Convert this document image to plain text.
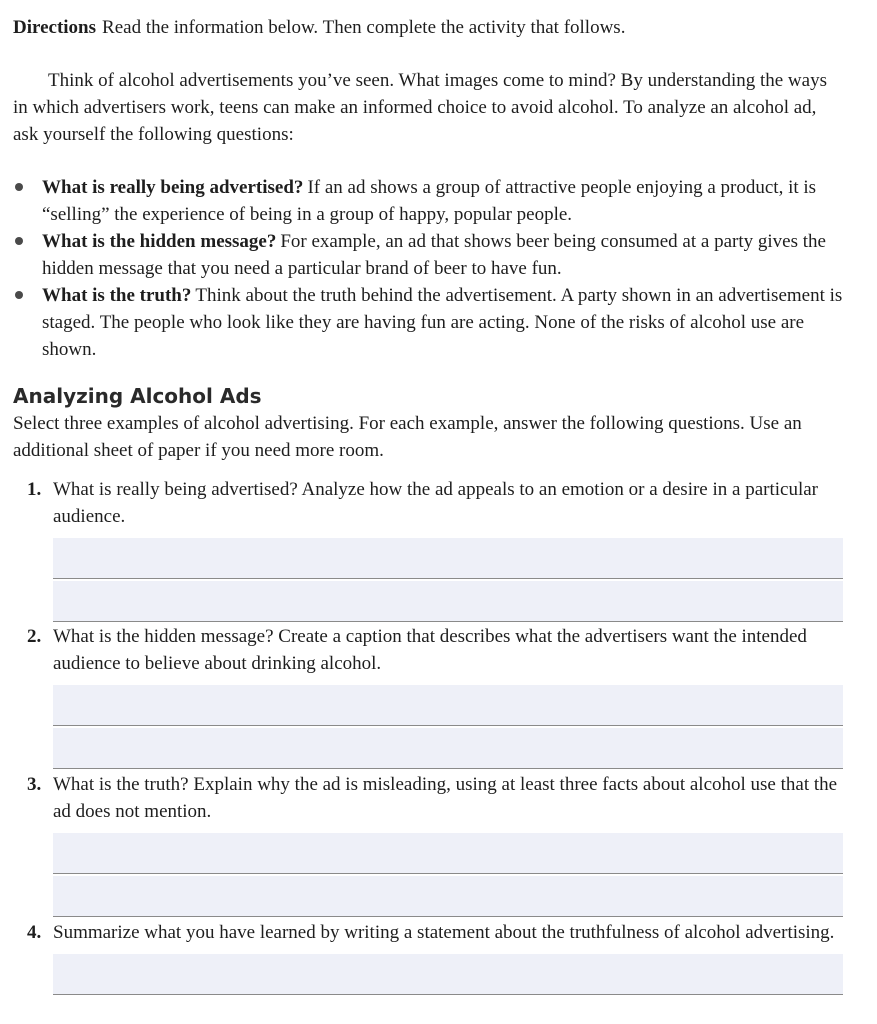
Directions Read the information below. Then complete the activity that follows.

Think of alcohol advertisements you’ve seen. What images come to mind? By understanding the ways in which advertisers work, teens can make an informed choice to avoid alcohol. To analyze an alcohol ad, ask yourself the following questions:

What is really being advertised? If an ad shows a group of attractive people enjoying a product, it is “selling” the experience of being in a group of happy, popular people.
What is the hidden message? For example, an ad that shows beer being consumed at a party gives the hidden message that you need a particular brand of beer to have fun.
What is the truth? Think about the truth behind the advertisement. A party shown in an advertisement is staged. The people who look like they are having fun are acting. None of the risks of alcohol use are shown.
Analyzing Alcohol Ads

Select three examples of alcohol advertising. For each example, answer the following questions. Use an additional sheet of paper if you need more room.

1. What is really being advertised? Analyze how the ad appeals to an emotion or a desire in a particular audience.
2. What is the hidden message? Create a caption that describes what the advertisers want the intended audience to believe about drinking alcohol.
3. What is the truth? Explain why the ad is misleading, using at least three facts about alcohol use that the ad does not mention.
4. Summarize what you have learned by writing a statement about the truthfulness of alcohol advertising.
